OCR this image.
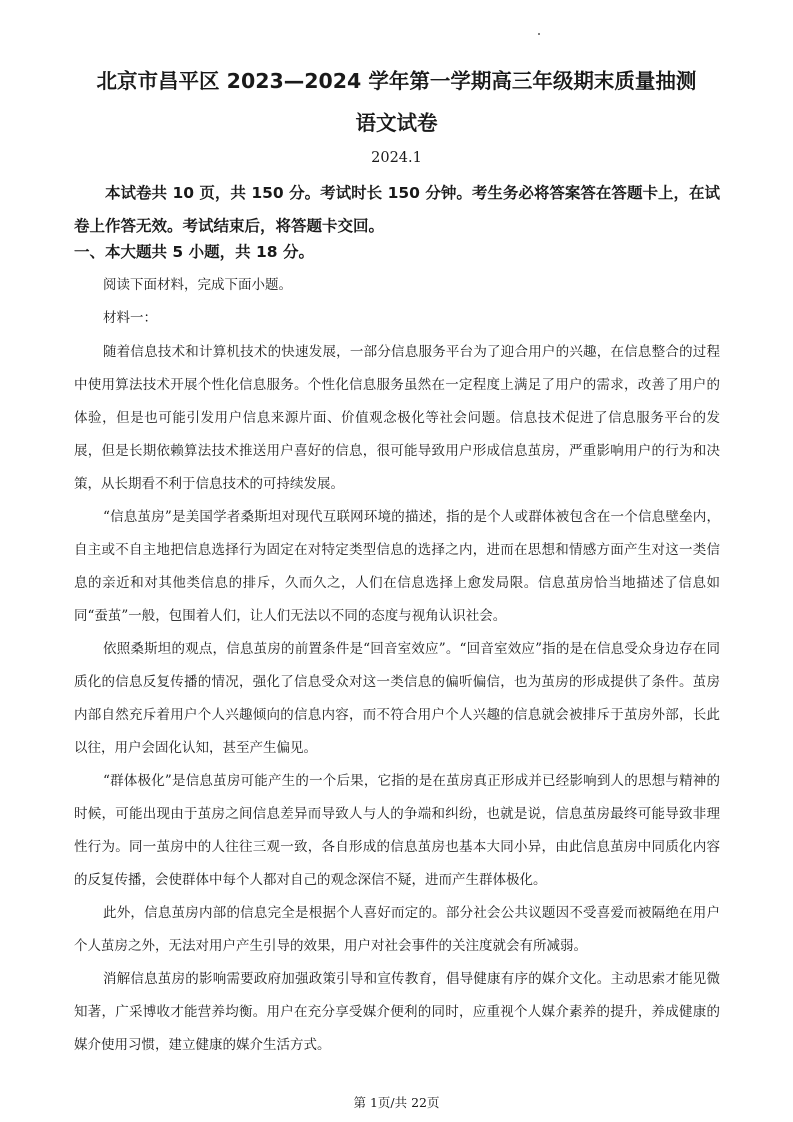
北京市昌平区 2023—2024 学年第一学期高三年级期末质量抽测
语文试卷
2024.1
本试卷共 10 页，共 150 分。考试时长 150 分钟。考生务必将答案答在答题卡上，在试卷上作答无效。考试结束后，将答题卡交回。
一、本大题共 5 小题，共 18 分。
阅读下面材料，完成下面小题。
材料一：

随着信息技术和计算机技术的快速发展，一部分信息服务平台为了迎合用户的兴趣，在信息整合的过程中使用算法技术开展个性化信息服务。个性化信息服务虽然在一定程度上满足了用户的需求，改善了用户的体验，但是也可能引发用户信息来源片面、价值观念极化等社会问题。信息技术促进了信息服务平台的发展，但是长期依赖算法技术推送用户喜好的信息，很可能导致用户形成信息茧房，严重影响用户的行为和决策，从长期看不利于信息技术的可持续发展。

“信息茧房”是美国学者桑斯坦对现代互联网环境的描述，指的是个人或群体被包含在一个信息壁垒内，自主或不自主地把信息选择行为固定在对特定类型信息的选择之内，进而在思想和情感方面产生对这一类信息的亲近和对其他类信息的排斥，久而久之，人们在信息选择上愈发局限。信息茧房恰当地描述了信息如同“蚕茧”一般，包围着人们，让人们无法以不同的态度与视角认识社会。

依照桑斯坦的观点，信息茧房的前置条件是“回音室效应”。“回音室效应”指的是在信息受众身边存在同质化的信息反复传播的情况，强化了信息受众对这一类信息的偏听偏信，也为茧房的形成提供了条件。茧房内部自然充斥着用户个人兴趣倾向的信息内容，而不符合用户个人兴趣的信息就会被排斥于茧房外部，长此以往，用户会固化认知，甚至产生偏见。

“群体极化”是信息茧房可能产生的一个后果，它指的是在茧房真正形成并已经影响到人的思想与精神的时候，可能出现由于茧房之间信息差异而导致人与人的争端和纠纷，也就是说，信息茧房最终可能导致非理性行为。同一茧房中的人往往三观一致，各自形成的信息茧房也基本大同小异，由此信息茧房中同质化内容的反复传播，会使群体中每个人都对自己的观念深信不疑，进而产生群体极化。

此外，信息茧房内部的信息完全是根据个人喜好而定的。部分社会公共议题因不受喜爱而被隔绝在用户个人茧房之外，无法对用户产生引导的效果，用户对社会事件的关注度就会有所减弱。

消解信息茧房的影响需要政府加强政策引导和宣传教育，倡导健康有序的媒介文化。主动思索才能见微知著，广采博收才能营养均衡。用户在充分享受媒介便利的同时，应重视个人媒介素养的提升，养成健康的媒介使用习惯，建立健康的媒介生活方式。

第 1页/共 22页
